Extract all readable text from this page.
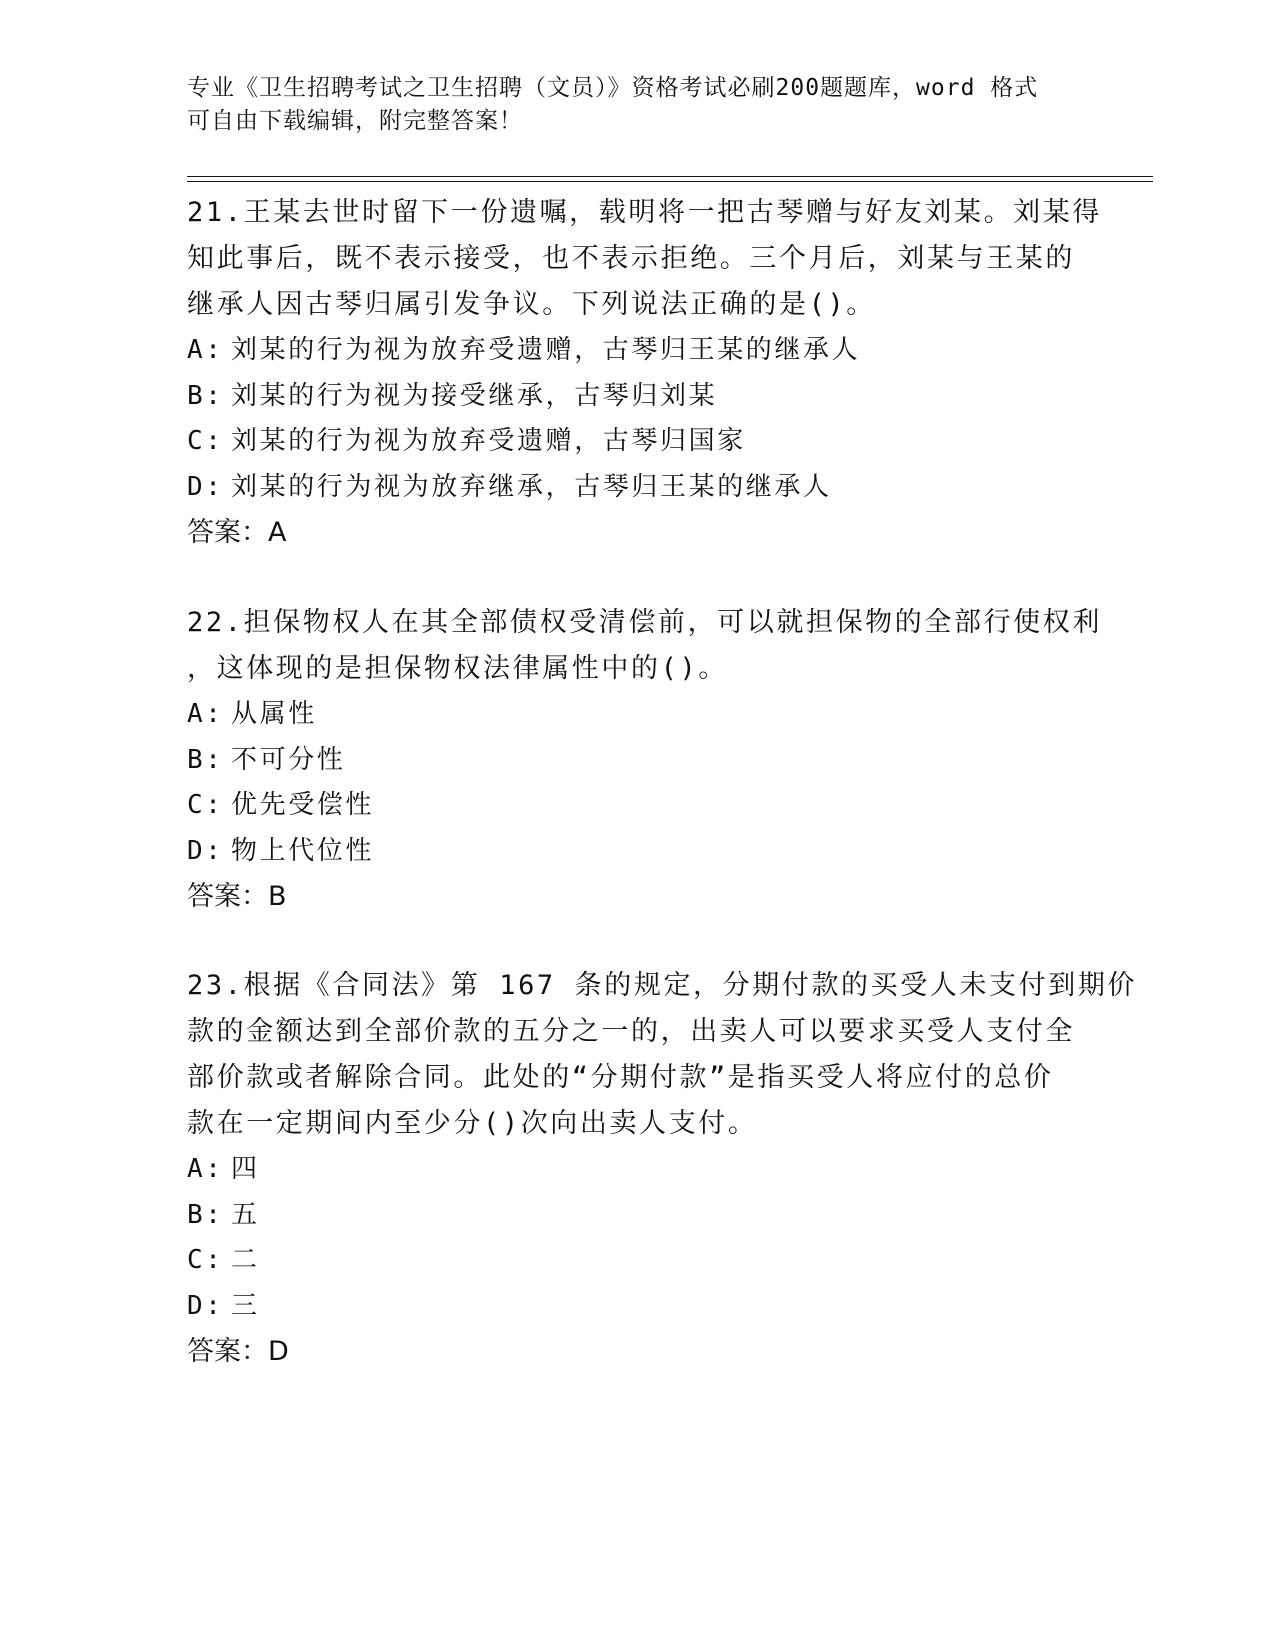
专业《卫生招聘考试之卫生招聘（文员）》资格考试必刷200题题库，word 格式
可自由下载编辑，附完整答案！
21.王某去世时留下一份遗嘱，载明将一把古琴赠与好友刘某。刘某得
知此事后，既不表示接受，也不表示拒绝。三个月后，刘某与王某的
继承人因古琴归属引发争议。下列说法正确的是()。
A: 刘某的行为视为放弃受遗赠，古琴归王某的继承人
B: 刘某的行为视为接受继承，古琴归刘某
C: 刘某的行为视为放弃受遗赠，古琴归国家
D: 刘某的行为视为放弃继承，古琴归王某的继承人
答案：A
22.担保物权人在其全部债权受清偿前，可以就担保物的全部行使权利
，这体现的是担保物权法律属性中的()。
A: 从属性
B: 不可分性
C: 优先受偿性
D: 物上代位性
答案：B
23.根据《合同法》第 167 条的规定，分期付款的买受人未支付到期价
款的金额达到全部价款的五分之一的，出卖人可以要求买受人支付全
部价款或者解除合同。此处的“分期付款”是指买受人将应付的总价
款在一定期间内至少分()次向出卖人支付。
A: 四
B: 五
C: 二
D: 三
答案：D
